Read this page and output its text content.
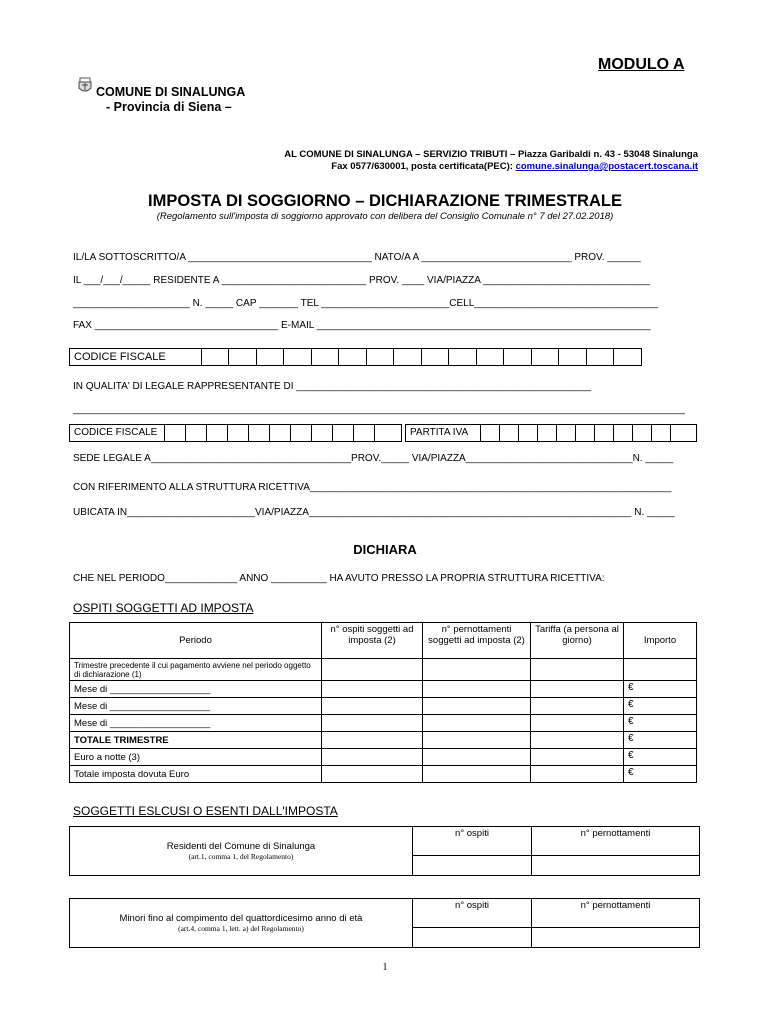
MODULO A
COMUNE DI SINALUNGA
- Provincia di Siena –
AL COMUNE DI SINALUNGA – SERVIZIO TRIBUTI – Piazza Garibaldi n. 43 - 53048 Sinalunga
Fax 0577/630001, posta certificata(PEC): comune.sinalunga@postacert.toscana.it
IMPOSTA DI SOGGIORNO – DICHIARAZIONE TRIMESTRALE
(Regolamento sull'imposta di soggiorno approvato con delibera del Consiglio Comunale n° 7 del 27.02.2018)
IL/LA SOTTOSCRITTO/A _________________________________ NATO/A A ___________________________ PROV. ______
IL ___/___/_____ RESIDENTE A __________________________ PROV. ____ VIA/PIAZZA ______________________________
_____________________ N. _____ CAP _______ TEL _______________________CELL_________________________________
FAX _________________________________ E-MAIL ____________________________________________________________
CODICE FISCALE
IN QUALITA' DI LEGALE RAPPRESENTANTE DI _____________________________________________________
______________________________________________________________________________________________________________
CODICE FISCALE	PARTITA IVA
SEDE LEGALE A____________________________________PROV._____ VIA/PIAZZA______________________________N. _____
CON RIFERIMENTO ALLA STRUTTURA RICETTIVA_________________________________________________________________
UBICATA IN_______________________VIA/PIAZZA__________________________________________________________ N. _____
DICHIARA
CHE NEL PERIODO_____________ ANNO __________ HA AVUTO PRESSO LA PROPRIA STRUTTURA RICETTIVA:
OSPITI SOGGETTI AD IMPOSTA
Periodo	n° ospiti soggetti ad imposta (2)	n° pernottamenti soggetti ad imposta (2)	Tariffa (a persona al giorno)	Importo
Trimestre precedente il cui pagamento avviene nel periodo oggetto di dichiarazione (1)				
Mese di ___________________				€
Mese di ___________________				€
Mese di ___________________				€
TOTALE TRIMESTRE				€
Euro a notte (3)				€
Totale imposta dovuta Euro				€
SOGGETTI ESLCUSI O ESENTI DALL'IMPOSTA
Residenti del Comune di Sinalunga
(art.1, comma 1, del Regolamento)	n° ospiti	n° pernottamenti

Minori fino al compimento del quattordicesimo anno di età
(art.4, comma 1, lett. a) del Regolamento)	n° ospiti	n° pernottamenti

1
